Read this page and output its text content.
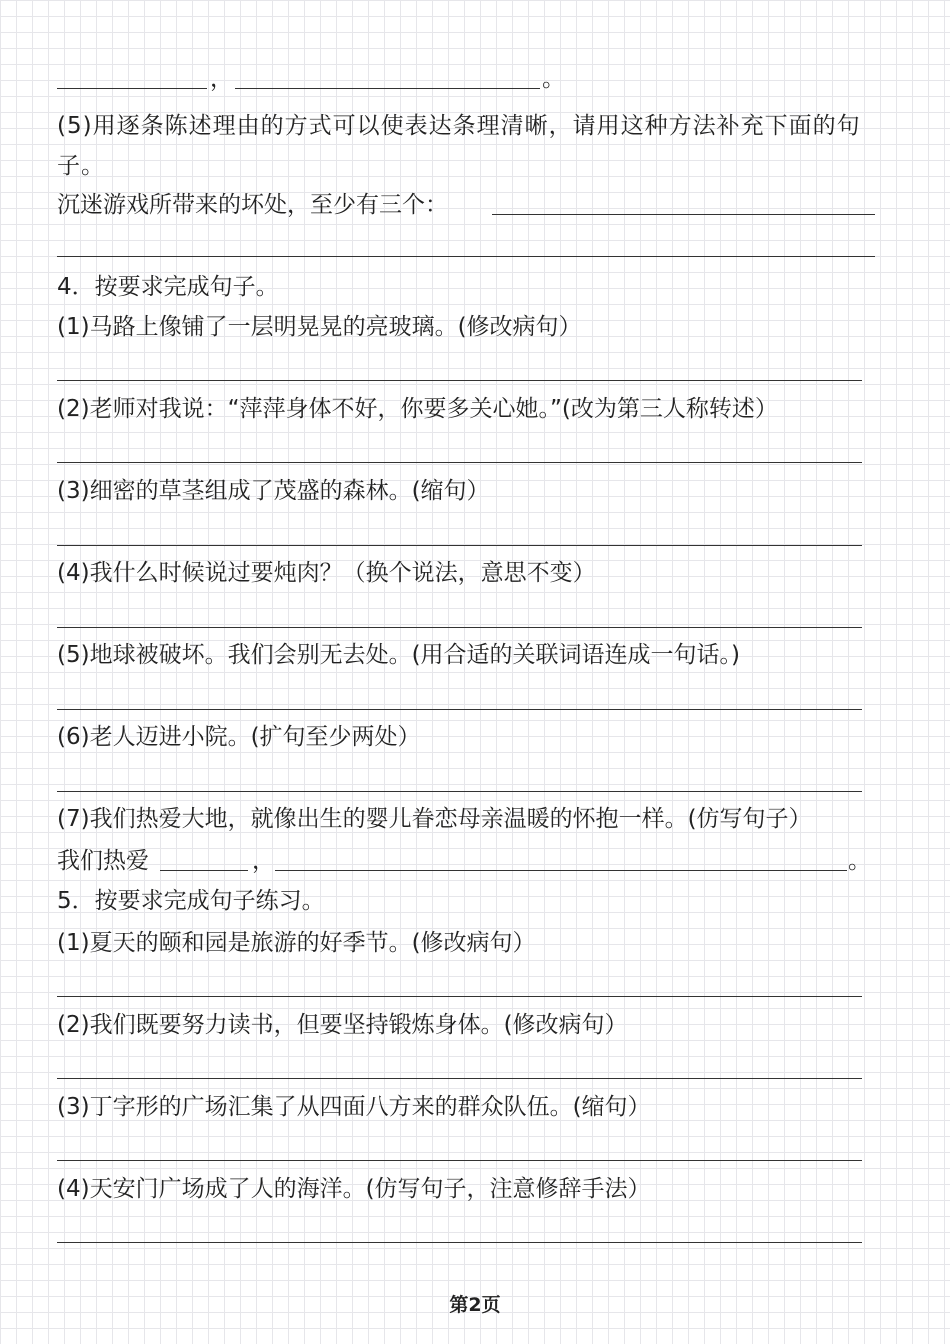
，	。
(5)用逐条陈述理由的方式可以使表达条理清晰，请用这种方法补充下面的句子。
沉迷游戏所带来的坏处，至少有三个：
4．按要求完成句子。
(1)马路上像铺了一层明晃晃的亮玻璃。(修改病句）
(2)老师对我说：“萍萍身体不好，你要多关心她。”(改为第三人称转述）
(3)细密的草茎组成了茂盛的森林。(缩句）
(4)我什么时候说过要炖肉？（换个说法，意思不变）
(5)地球被破坏。我们会别无去处。(用合适的关联词语连成一句话。)
(6)老人迈进小院。(扩句至少两处）
(7)我们热爱大地，就像出生的婴儿眷恋母亲温暖的怀抱一样。(仿写句子）
我们热爱	，	。
5．按要求完成句子练习。
(1)夏天的颐和园是旅游的好季节。(修改病句）
(2)我们既要努力读书，但要坚持锻炼身体。(修改病句）
(3)丁字形的广场汇集了从四面八方来的群众队伍。(缩句）
(4)天安门广场成了人的海洋。(仿写句子，注意修辞手法）
第2页
